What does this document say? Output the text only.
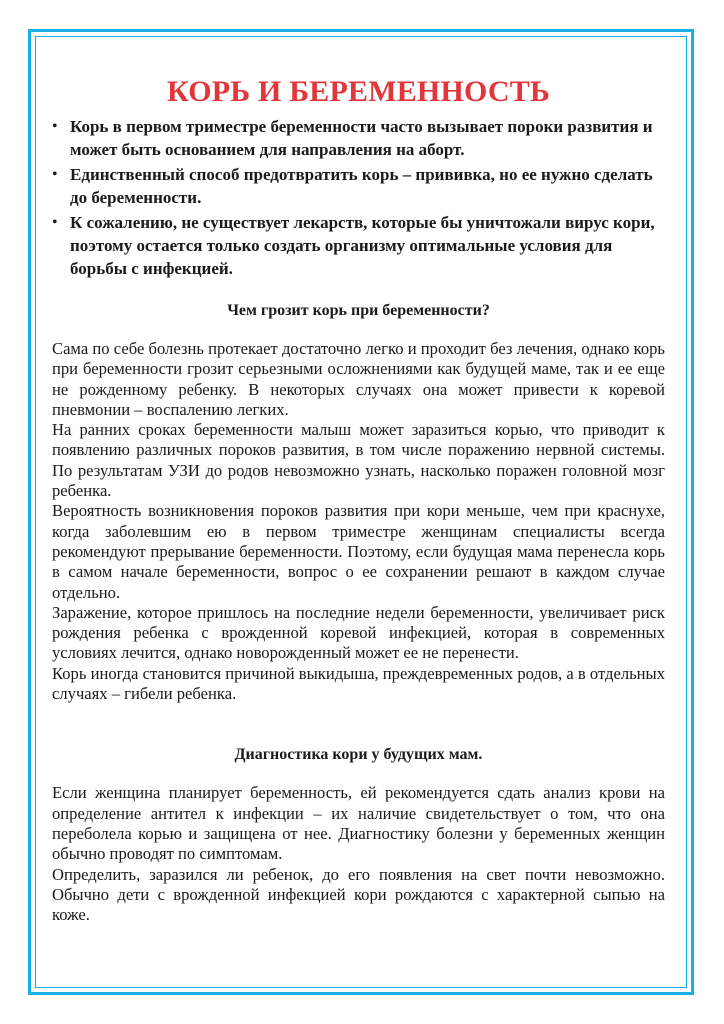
КОРЬ И БЕРЕМЕННОСТЬ
• Корь в первом триместре беременности часто вызывает пороки развития и может быть основанием для направления на аборт.
• Единственный способ предотвратить корь – прививка, но ее нужно сделать до беременности.
• К сожалению, не существует лекарств, которые бы уничтожали вирус кори, поэтому остается только создать организму оптимальные условия для борьбы с инфекцией.
Чем грозит корь при беременности?

Сама по себе болезнь протекает достаточно легко и проходит без лечения, однако корь при беременности грозит серьезными осложнениями как будущей маме, так и ее еще не рожденному ребенку. В некоторых случаях она может привести к коревой пневмонии – воспалению легких.

На ранних сроках беременности малыш может заразиться корью, что приводит к появлению различных пороков развития, в том числе поражению нервной системы. По результатам УЗИ до родов невозможно узнать, насколько поражен головной мозг ребенка.

Вероятность возникновения пороков развития при кори меньше, чем при краснухе, когда заболевшим ею в первом триместре женщинам специалисты всегда рекомендуют прерывание беременности. Поэтому, если будущая мама перенесла корь в самом начале беременности, вопрос о ее сохранении решают в каждом случае отдельно.

Заражение, которое пришлось на последние недели беременности, увеличивает риск рождения ребенка с врожденной коревой инфекцией, которая в современных условиях лечится, однако новорожденный может ее не перенести.

Корь иногда становится причиной выкидыша, преждевременных родов, а в отдельных случаях – гибели ребенка.

Диагностика кори у будущих мам.

Если женщина планирует беременность, ей рекомендуется сдать анализ крови на определение антител к инфекции – их наличие свидетельствует о том, что она переболела корью и защищена от нее. Диагностику болезни у беременных женщин обычно проводят по симптомам.

Определить, заразился ли ребенок, до его появления на свет почти невозможно. Обычно дети с врожденной инфекцией кори рождаются с характерной сыпью на коже.
